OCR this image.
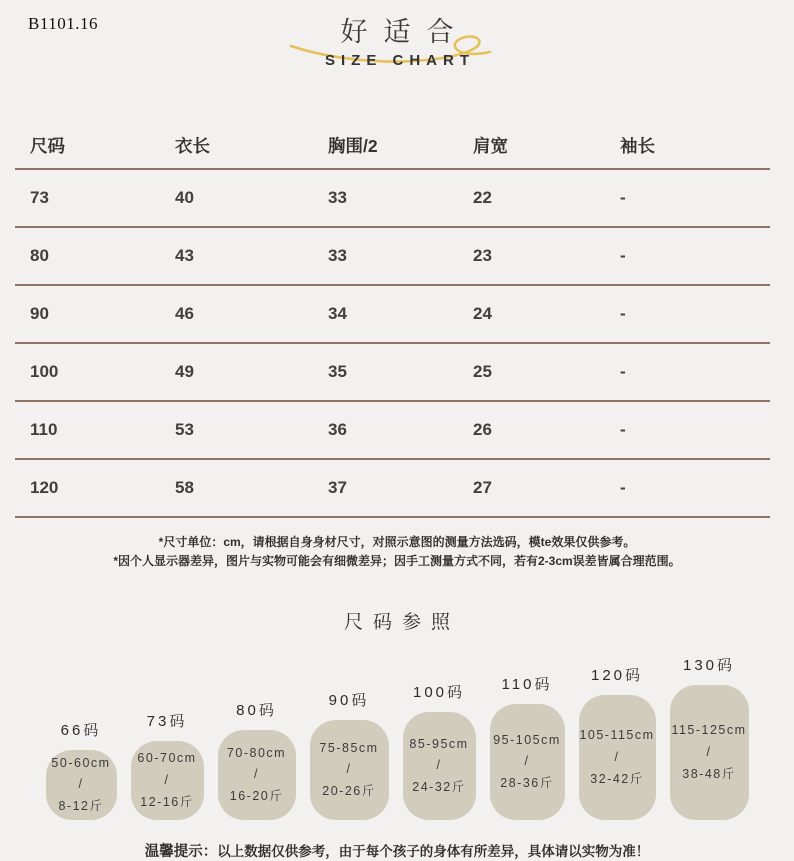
B1101.16	好适合
SIZE CHART
尺码	衣长	胸围/2	肩宽	袖长
73	40	33	22	-
80	43	33	23	-
90	46	34	24	-
100	49	35	25	-
110	53	36	26	-
120	58	37	27	-
*尺寸单位：cm，请根据自身身材尺寸，对照示意图的测量方法选码，模te效果仅供参考。
*因个人显示器差异，图片与实物可能会有细微差异；因手工测量方式不同，若有2-3cm误差皆属合理范围。
尺码参照
66码
50-60cm
/
8-12斤
73码
60-70cm
/
12-16斤
80码
70-80cm
/
16-20斤
90码
75-85cm
/
20-26斤
100码
85-95cm
/
24-32斤
110码
95-105cm
/
28-36斤
120码
105-115cm
/
32-42斤
130码
115-125cm
/
38-48斤
温馨提示：以上数据仅供参考，由于每个孩子的身体有所差异，具体请以实物为准！
